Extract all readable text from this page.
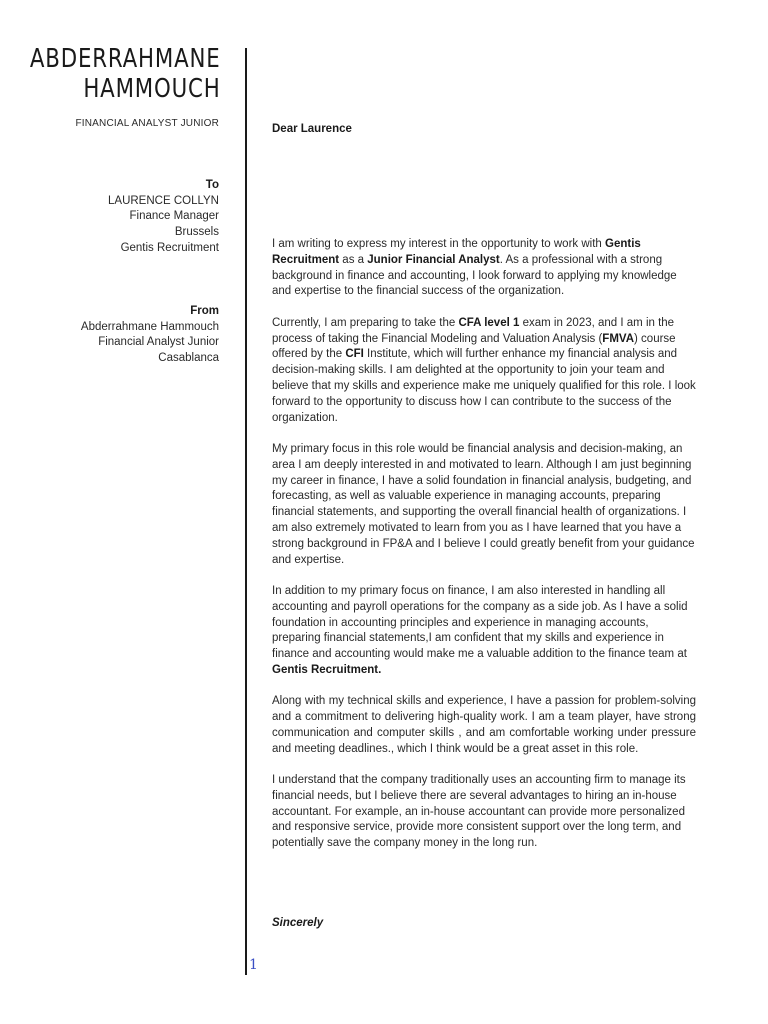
ABDERRAHMANE
HAMMOUCH
FINANCIAL ANALYST JUNIOR
To
LAURENCE COLLYN
Finance Manager
Brussels
Gentis Recruitment
From
Abderrahmane Hammouch
Financial Analyst Junior
Casablanca
Dear Laurence

I am writing to express my interest in the opportunity to work with Gentis Recruitment as a Junior Financial Analyst. As a professional with a strong background in finance and accounting, I look forward to applying my knowledge and expertise to the financial success of the organization.

Currently, I am preparing to take the CFA level 1 exam in 2023, and I am in the process of taking the Financial Modeling and Valuation Analysis (FMVA) course offered by the CFI Institute, which will further enhance my financial analysis and decision-making skills. I am delighted at the opportunity to join your team and believe that my skills and experience make me uniquely qualified for this role. I look forward to the opportunity to discuss how I can contribute to the success of the organization.

My primary focus in this role would be financial analysis and decision-making, an area I am deeply interested in and motivated to learn. Although I am just beginning my career in finance, I have a solid foundation in financial analysis, budgeting, and forecasting, as well as valuable experience in managing accounts, preparing financial statements, and supporting the overall financial health of organizations. I am also extremely motivated to learn from you as I have learned that you have a strong background in FP&A and I believe I could greatly benefit from your guidance and expertise.

In addition to my primary focus on finance, I am also interested in handling all accounting and payroll operations for the company as a side job. As I have a solid foundation in accounting principles and experience in managing accounts, preparing financial statements,I am confident that my skills and experience in finance and accounting would make me a valuable addition to the finance team at Gentis Recruitment.

Along with my technical skills and experience, I have a passion for problem-solving and a commitment to delivering high-quality work. I am a team player, have strong communication and computer skills , and am comfortable working under pressure and meeting deadlines., which I think would be a great asset in this role.

I understand that the company traditionally uses an accounting firm to manage its financial needs, but I believe there are several advantages to hiring an in-house accountant. For example, an in-house accountant can provide more personalized and responsive service, provide more consistent support over the long term, and potentially save the company money in the long run.

Sincerely
1
